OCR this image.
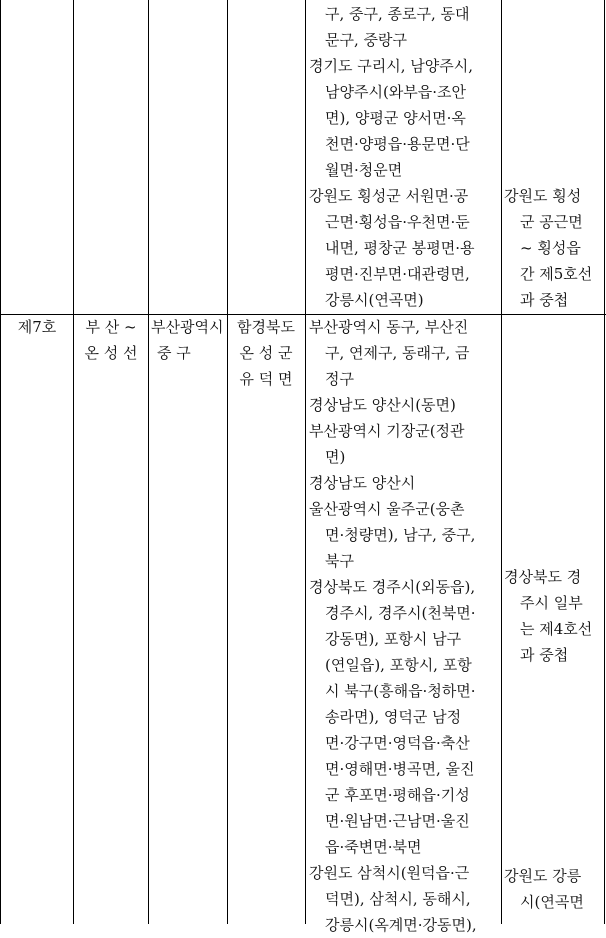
구, 중구, 종로구, 동대
문구, 중랑구
경기도 구리시, 남양주시,
남양주시(와부읍·조안
면), 양평군 양서면·옥
천면·양평읍·용문면·단
월면·청운면
강원도 횡성군 서원면·공
근면·횡성읍·우천면·둔
내면, 평창군 봉평면·용
평면·진부면·대관령면,
강릉시(연곡면)
강원도 횡성
군 공근면
~ 횡성읍
간 제5호선
과 중첩
제7호	부 산 ~
온 성 선
부산광역시
중 구
함경북도
온 성 군
유 덕 면
부산광역시 동구, 부산진
구, 연제구, 동래구, 금
정구
경상남도 양산시(동면)
부산광역시 기장군(정관
면)
경상남도 양산시
울산광역시 울주군(웅촌
면·청량면), 남구, 중구,
북구
경상북도 경주시(외동읍),
경주시, 경주시(천북면·
강동면), 포항시 남구
(연일읍), 포항시, 포항
시 북구(흥해읍·청하면·
송라면), 영덕군 남정
면·강구면·영덕읍·축산
면·영해면·병곡면, 울진
군 후포면·평해읍·기성
면·원남면·근남면·울진
읍·죽변면·북면
강원도 삼척시(원덕읍·근
덕면), 삼척시, 동해시,
강릉시(옥계면·강동면),
경상북도 경
주시 일부
는 제4호선
과 중첩
강원도 강릉
시(연곡면
